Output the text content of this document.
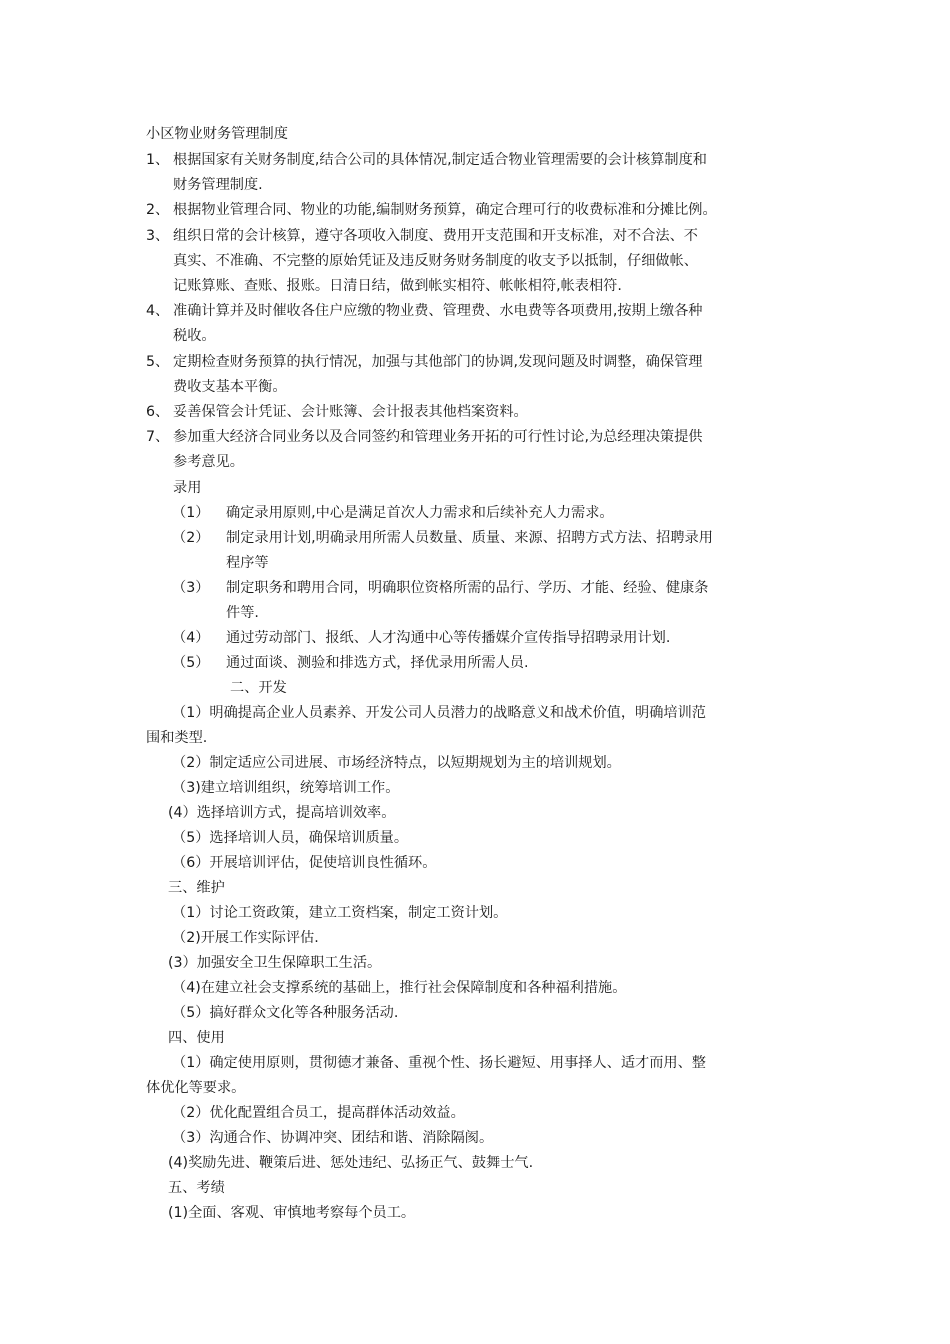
小区物业财务管理制度
1、 根据国家有关财务制度,结合公司的具体情况,制定适合物业管理需要的会计核算制度和
财务管理制度.
2、 根据物业管理合同、物业的功能,编制财务预算，确定合理可行的收费标准和分摊比例。
3、 组织日常的会计核算，遵守各项收入制度、费用开支范围和开支标准，对不合法、不
真实、不准确、不完整的原始凭证及违反财务财务制度的收支予以抵制，仔细做帐、
记账算账、查账、报账。日清日结，做到帐实相符、帐帐相符,帐表相符.
4、 准确计算并及时催收各住户应缴的物业费、管理费、水电费等各项费用,按期上缴各种
税收。
5、 定期检查财务预算的执行情况，加强与其他部门的协调,发现问题及时调整，确保管理
费收支基本平衡。
6、 妥善保管会计凭证、会计账簿、会计报表其他档案资料。
7、 参加重大经济合同业务以及合同签约和管理业务开拓的可行性讨论,为总经理决策提供
参考意见。
录用
（1） 确定录用原则,中心是满足首次人力需求和后续补充人力需求。
（2） 制定录用计划,明确录用所需人员数量、质量、来源、招聘方式方法、招聘录用
程序等
（3） 制定职务和聘用合同，明确职位资格所需的品行、学历、才能、经验、健康条
件等.
（4） 通过劳动部门、报纸、人才沟通中心等传播媒介宣传指导招聘录用计划.
（5） 通过面谈、测验和排选方式，择优录用所需人员.
二、开发
（1）明确提高企业人员素养、开发公司人员潜力的战略意义和战术价值，明确培训范
围和类型.
（2）制定适应公司进展、市场经济特点，以短期规划为主的培训规划。
（3)建立培训组织，统筹培训工作。
(4）选择培训方式，提高培训效率。
（5）选择培训人员，确保培训质量。
（6）开展培训评估，促使培训良性循环。
三、维护
（1）讨论工资政策，建立工资档案，制定工资计划。
（2)开展工作实际评估.
(3）加强安全卫生保障职工生活。
（4)在建立社会支撑系统的基础上，推行社会保障制度和各种福利措施。
（5）搞好群众文化等各种服务活动.
四、使用
（1）确定使用原则，贯彻德才兼备、重视个性、扬长避短、用事择人、适才而用、整
体优化等要求。
（2）优化配置组合员工，提高群体活动效益。
（3）沟通合作、协调冲突、团结和谐、消除隔阂。
(4)奖励先进、鞭策后进、惩处违纪、弘扬正气、鼓舞士气.
五、考绩
(1)全面、客观、审慎地考察每个员工。
